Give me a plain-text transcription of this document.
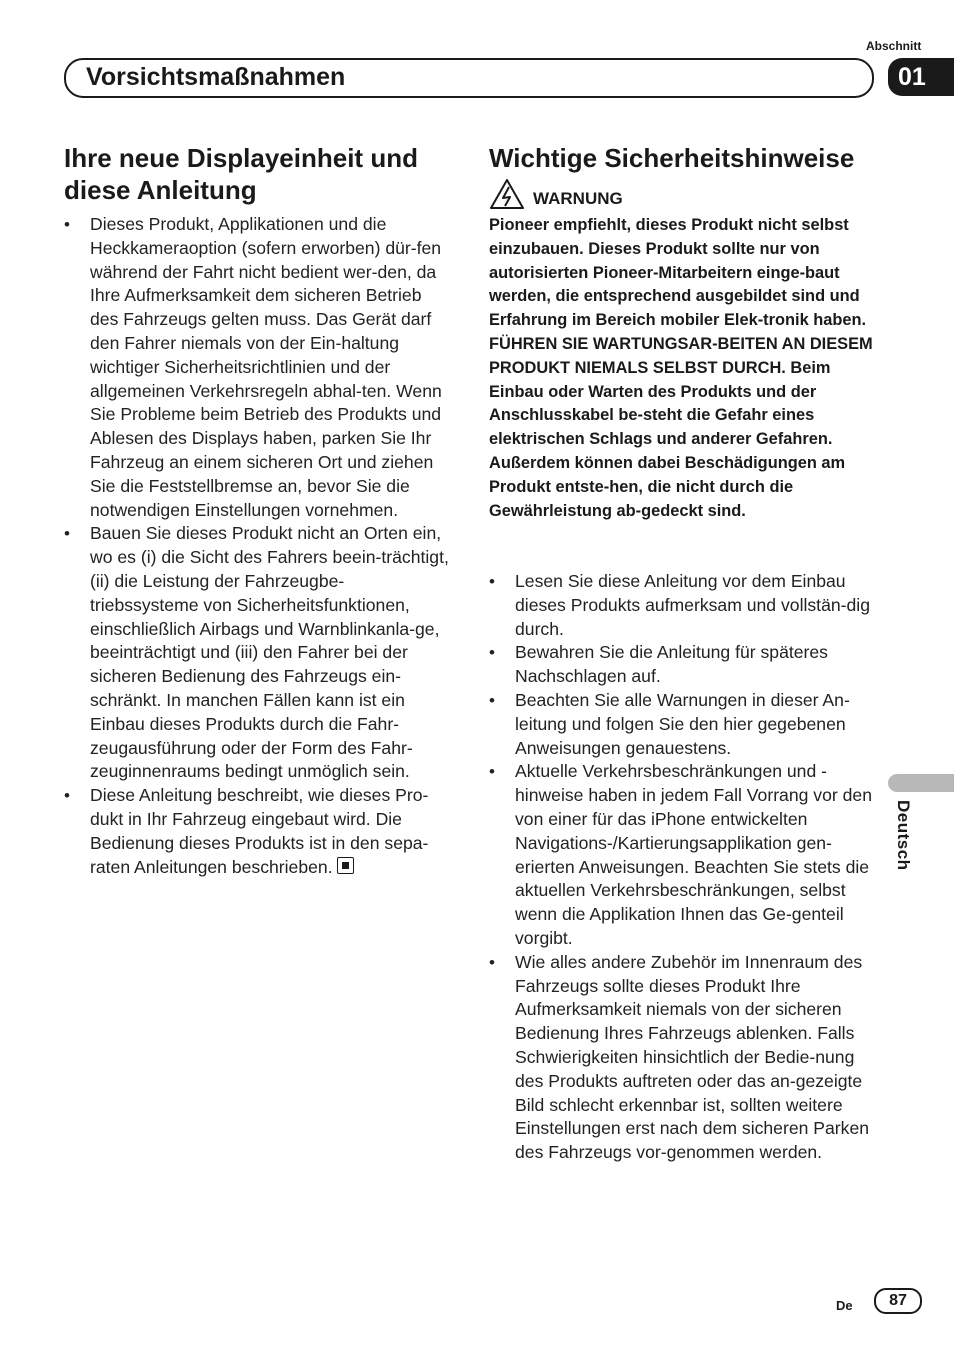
Abschnitt
Vorsichtsmaßnahmen	01
Ihre neue Displayeinheit und diese Anleitung
• Dieses Produkt, Applikationen und die Heckkameraoption (sofern erworben) dür-fen während der Fahrt nicht bedient wer-den, da Ihre Aufmerksamkeit dem sicheren Betrieb des Fahrzeugs gelten muss. Das Gerät darf den Fahrer niemals von der Ein-haltung wichtiger Sicherheitsrichtlinien und der allgemeinen Verkehrsregeln abhal-ten. Wenn Sie Probleme beim Betrieb des Produkts und Ablesen des Displays haben, parken Sie Ihr Fahrzeug an einem sicheren Ort und ziehen Sie die Feststellbremse an, bevor Sie die notwendigen Einstellungen vornehmen.
• Bauen Sie dieses Produkt nicht an Orten ein, wo es (i) die Sicht des Fahrers beein-trächtigt, (ii) die Leistung der Fahrzeugbe-triebssysteme von Sicherheitsfunktionen, einschließlich Airbags und Warnblinkanla-ge, beeinträchtigt und (iii) den Fahrer bei der sicheren Bedienung des Fahrzeugs ein-schränkt. In manchen Fällen kann ist ein Einbau dieses Produkts durch die Fahr-zeugausführung oder der Form des Fahr-zeuginnenraums bedingt unmöglich sein.
• Diese Anleitung beschreibt, wie dieses Pro-dukt in Ihr Fahrzeug eingebaut wird. Die Bedienung dieses Produkts ist in den sepa-raten Anleitungen beschrieben.
Wichtige Sicherheitshinweise
WARNUNG
Pioneer empfiehlt, dieses Produkt nicht selbst einzubauen. Dieses Produkt sollte nur von autorisierten Pioneer-Mitarbeitern einge-baut werden, die entsprechend ausgebildet sind und Erfahrung im Bereich mobiler Elek-tronik haben. FÜHREN SIE WARTUNGSAR-BEITEN AN DIESEM PRODUKT NIEMALS SELBST DURCH. Beim Einbau oder Warten des Produkts und der Anschlusskabel be-steht die Gefahr eines elektrischen Schlags und anderer Gefahren. Außerdem können dabei Beschädigungen am Produkt entste-hen, die nicht durch die Gewährleistung ab-gedeckt sind.
• Lesen Sie diese Anleitung vor dem Einbau dieses Produkts aufmerksam und vollstän-dig durch.
• Bewahren Sie die Anleitung für späteres Nachschlagen auf.
• Beachten Sie alle Warnungen in dieser An-leitung und folgen Sie den hier gegebenen Anweisungen genauestens.
• Aktuelle Verkehrsbeschränkungen und -hinweise haben in jedem Fall Vorrang vor den von einer für das iPhone entwickelten Navigations-/Kartierungsapplikation gen-erierten Anweisungen. Beachten Sie stets die aktuellen Verkehrsbeschränkungen, selbst wenn die Applikation Ihnen das Ge-genteil vorgibt.
• Wie alles andere Zubehör im Innenraum des Fahrzeugs sollte dieses Produkt Ihre Aufmerksamkeit niemals von der sicheren Bedienung Ihres Fahrzeugs ablenken. Falls Schwierigkeiten hinsichtlich der Bedie-nung des Produkts auftreten oder das an-gezeigte Bild schlecht erkennbar ist, sollten weitere Einstellungen erst nach dem sicheren Parken des Fahrzeugs vor-genommen werden.
Deutsch
De	87
